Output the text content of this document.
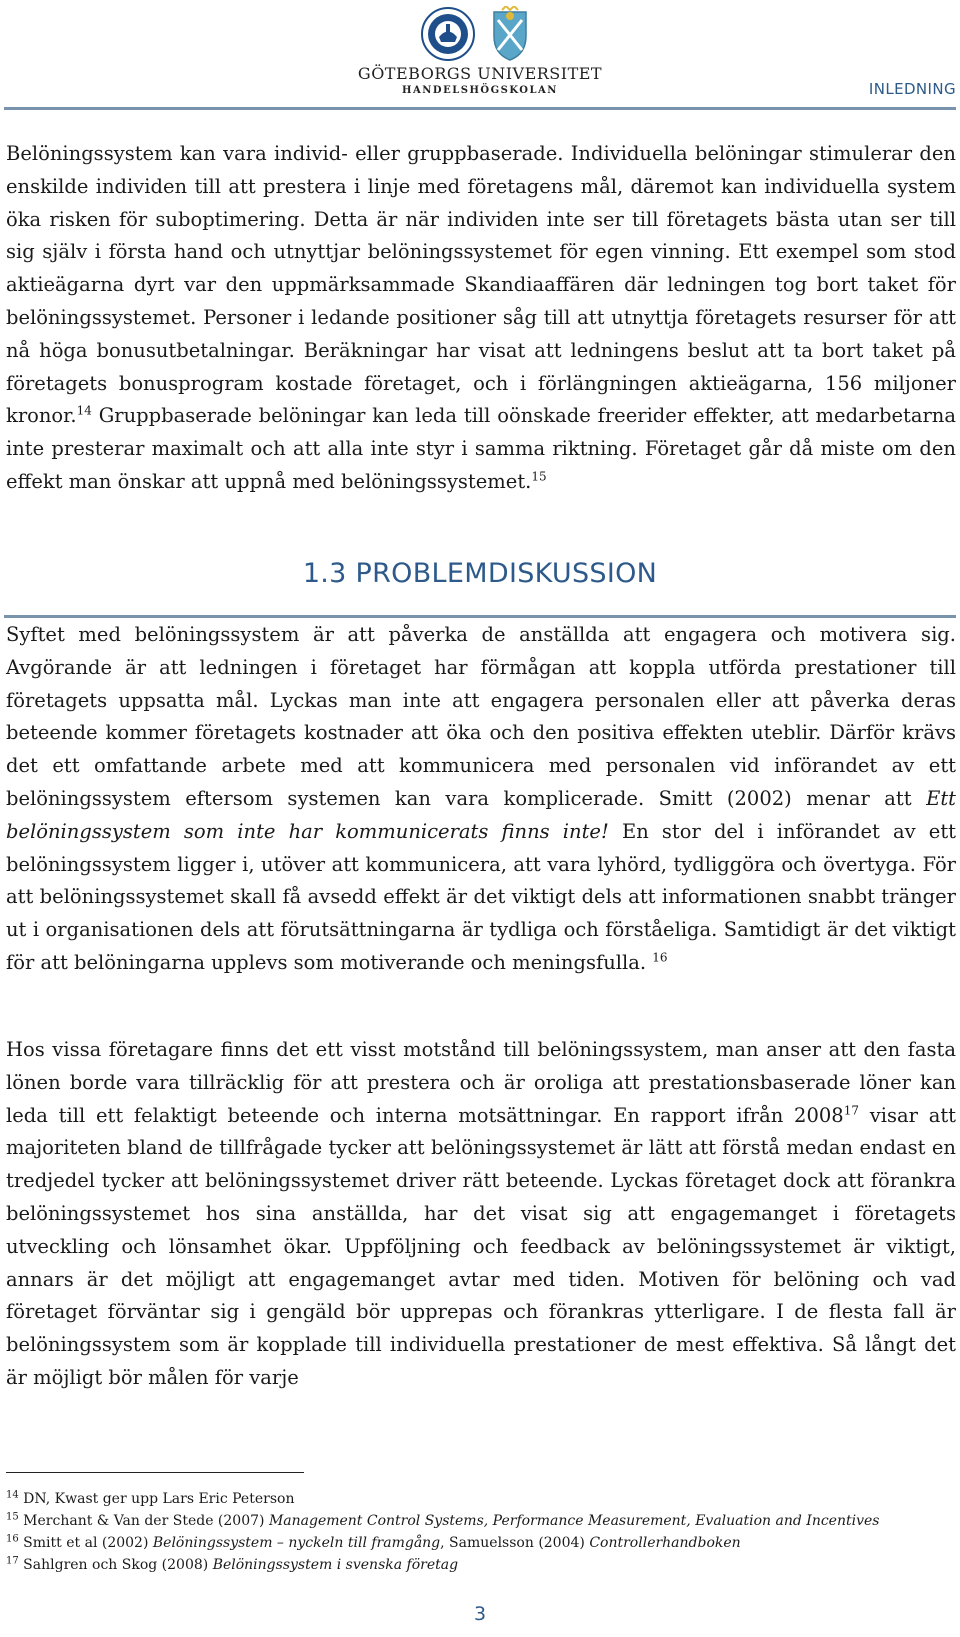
GÖTEBORGS UNIVERSITET
HANDELSHÖGSKOLAN	INLEDNING

Belöningssystem kan vara individ- eller gruppbaserade. Individuella belöningar stimulerar den enskilde individen till att prestera i linje med företagens mål, däremot kan individuella system öka risken för suboptimering. Detta är när individen inte ser till företagets bästa utan ser till sig själv i första hand och utnyttjar belöningssystemet för egen vinning. Ett exempel som stod aktieägarna dyrt var den uppmärksammade Skandiaaffären där ledningen tog bort taket för belöningssystemet. Personer i ledande positioner såg till att utnyttja företagets resurser för att nå höga bonusutbetalningar. Beräkningar har visat att ledningens beslut att ta bort taket på företagets bonusprogram kostade företaget, och i förlängningen aktieägarna, 156 miljoner kronor.$^{14}$ Gruppbaserade belöningar kan leda till oönskade freerider effekter, att medarbetarna inte presterar maximalt och att alla inte styr i samma riktning. Företaget går då miste om den effekt man önskar att uppnå med belöningssystemet.$^{15}$

1.3 PROBLEMDISKUSSION

Syftet med belöningssystem är att påverka de anställda att engagera och motivera sig. Avgörande är att ledningen i företaget har förmågan att koppla utförda prestationer till företagets uppsatta mål. Lyckas man inte att engagera personalen eller att påverka deras beteende kommer företagets kostnader att öka och den positiva effekten uteblir. Därför krävs det ett omfattande arbete med att kommunicera med personalen vid införandet av ett belöningssystem eftersom systemen kan vara komplicerade. Smitt (2002) menar att Ett belöningssystem som inte har kommunicerats finns inte! En stor del i införandet av ett belöningssystem ligger i, utöver att kommunicera, att vara lyhörd, tydliggöra och övertyga. För att belöningssystemet skall få avsedd effekt är det viktigt dels att informationen snabbt tränger ut i organisationen dels att förutsättningarna är tydliga och förståeliga. Samtidigt är det viktigt för att belöningarna upplevs som motiverande och meningsfulla. $^{16}$

Hos vissa företagare finns det ett visst motstånd till belöningssystem, man anser att den fasta lönen borde vara tillräcklig för att prestera och är oroliga att prestationsbaserade löner kan leda till ett felaktigt beteende och interna motsättningar. En rapport ifrån 2008$^{17}$ visar att majoriteten bland de tillfrågade tycker att belöningssystemet är lätt att förstå medan endast en tredjedel tycker att belöningssystemet driver rätt beteende. Lyckas företaget dock att förankra belöningssystemet hos sina anställda, har det visat sig att engagemanget i företagets utveckling och lönsamhet ökar. Uppföljning och feedback av belöningssystemet är viktigt, annars är det möjligt att engagemanget avtar med tiden. Motiven för belöning och vad företaget förväntar sig i gengäld bör upprepas och förankras ytterligare. I de flesta fall är belöningssystem som är kopplade till individuella prestationer de mest effektiva. Så långt det är möjligt bör målen för varje

$^{14}$ DN, Kwast ger upp Lars Eric Peterson
$^{15}$ Merchant & Van der Stede (2007) Management Control Systems, Performance Measurement, Evaluation and Incentives
$^{16}$ Smitt et al (2002) Belöningssystem – nyckeln till framgång, Samuelsson (2004) Controllerhandboken
$^{17}$ Sahlgren och Skog (2008) Belöningssystem i svenska företag
3
